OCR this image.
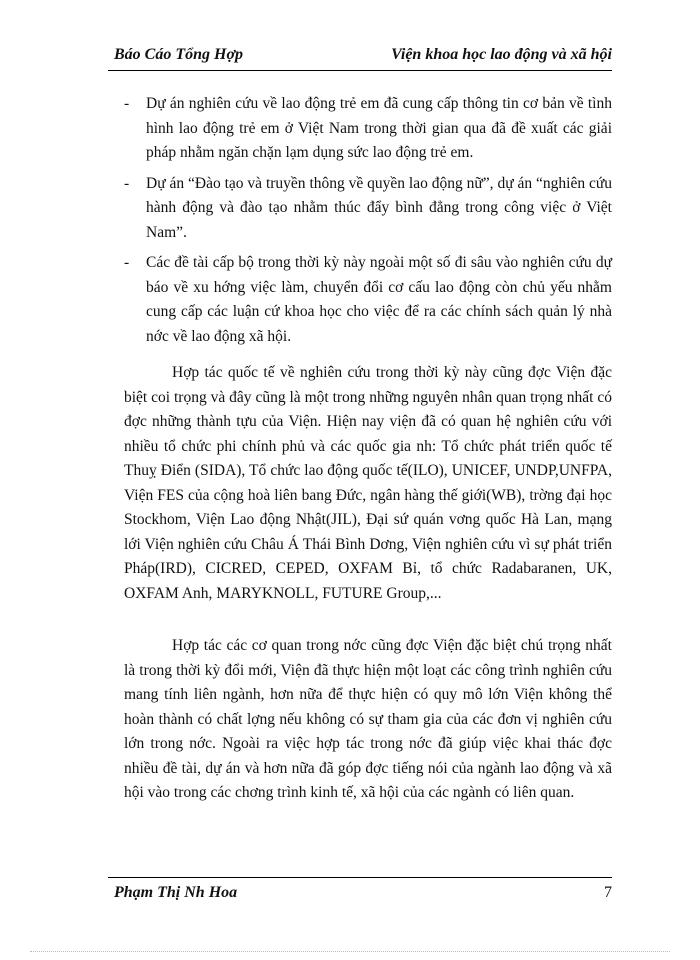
Báo Cáo Tổng Hợp	Viện khoa học lao động và xã hội
- Dự án nghiên cứu về lao động trẻ em đã cung cấp thông tin cơ bản về tình hình lao động trẻ em ở Việt Nam trong thời gian qua đã đề xuất các giải pháp nhằm ngăn chặn lạm dụng sức lao động trẻ em.
- Dự án “Đào tạo và truyền thông về quyền lao động nữ”, dự án “nghiên cứu hành động và đào tạo nhằm thúc đẩy bình đẳng trong công việc ở Việt Nam”.
- Các đề tài cấp bộ trong thời kỳ này ngoài một số đi sâu vào nghiên cứu dự báo về xu hớng việc làm, chuyển đổi cơ cấu lao động còn chủ yếu nhằm cung cấp các luận cứ khoa học cho việc để ra các chính sách quản lý nhà nớc về lao động xã hội.

Hợp tác quốc tế về nghiên cứu trong thời kỳ này cũng đợc Viện đặc biệt coi trọng và đây cũng là một trong những nguyên nhân quan trọng nhất có đợc những thành tựu của Viện. Hiện nay viện đã có quan hệ nghiên cứu với nhiều tổ chức phi chính phủ và các quốc gia nh: Tổ chức phát triển quốc tế Thuỵ Điển (SIDA), Tổ chức lao động quốc tế(ILO), UNICEF, UNDP,UNFPA, Viện FES của cộng hoà liên bang Đức, ngân hàng thế giới(WB), trờng đại học Stockhom, Viện Lao động Nhật(JIL), Đại sứ quán vơng quốc Hà Lan, mạng lới Viện nghiên cứu Châu Á Thái Bình Dơng, Viện nghiên cứu vì sự phát triển Pháp(IRD), CICRED, CEPED, OXFAM Bỉ, tổ chức Radabaranen, UK, OXFAM Anh, MARYKNOLL, FUTURE Group,...

Hợp tác các cơ quan trong nớc cũng đợc Viện đặc biệt chú trọng nhất là trong thời kỳ đổi mới, Viện đã thực hiện một loạt các công trình nghiên cứu mang tính liên ngành, hơn nữa để thực hiện có quy mô lớn Viện không thể hoàn thành có chất lợng nếu không có sự tham gia của các đơn vị nghiên cứu lớn trong nớc. Ngoài ra việc hợp tác trong nớc đã giúp việc khai thác đợc nhiều đề tài, dự án và hơn nữa đã góp đợc tiếng nói của ngành lao động và xã hội vào trong các chơng trình kinh tế, xã hội của các ngành có liên quan.

Phạm Thị Nh Hoa	7
